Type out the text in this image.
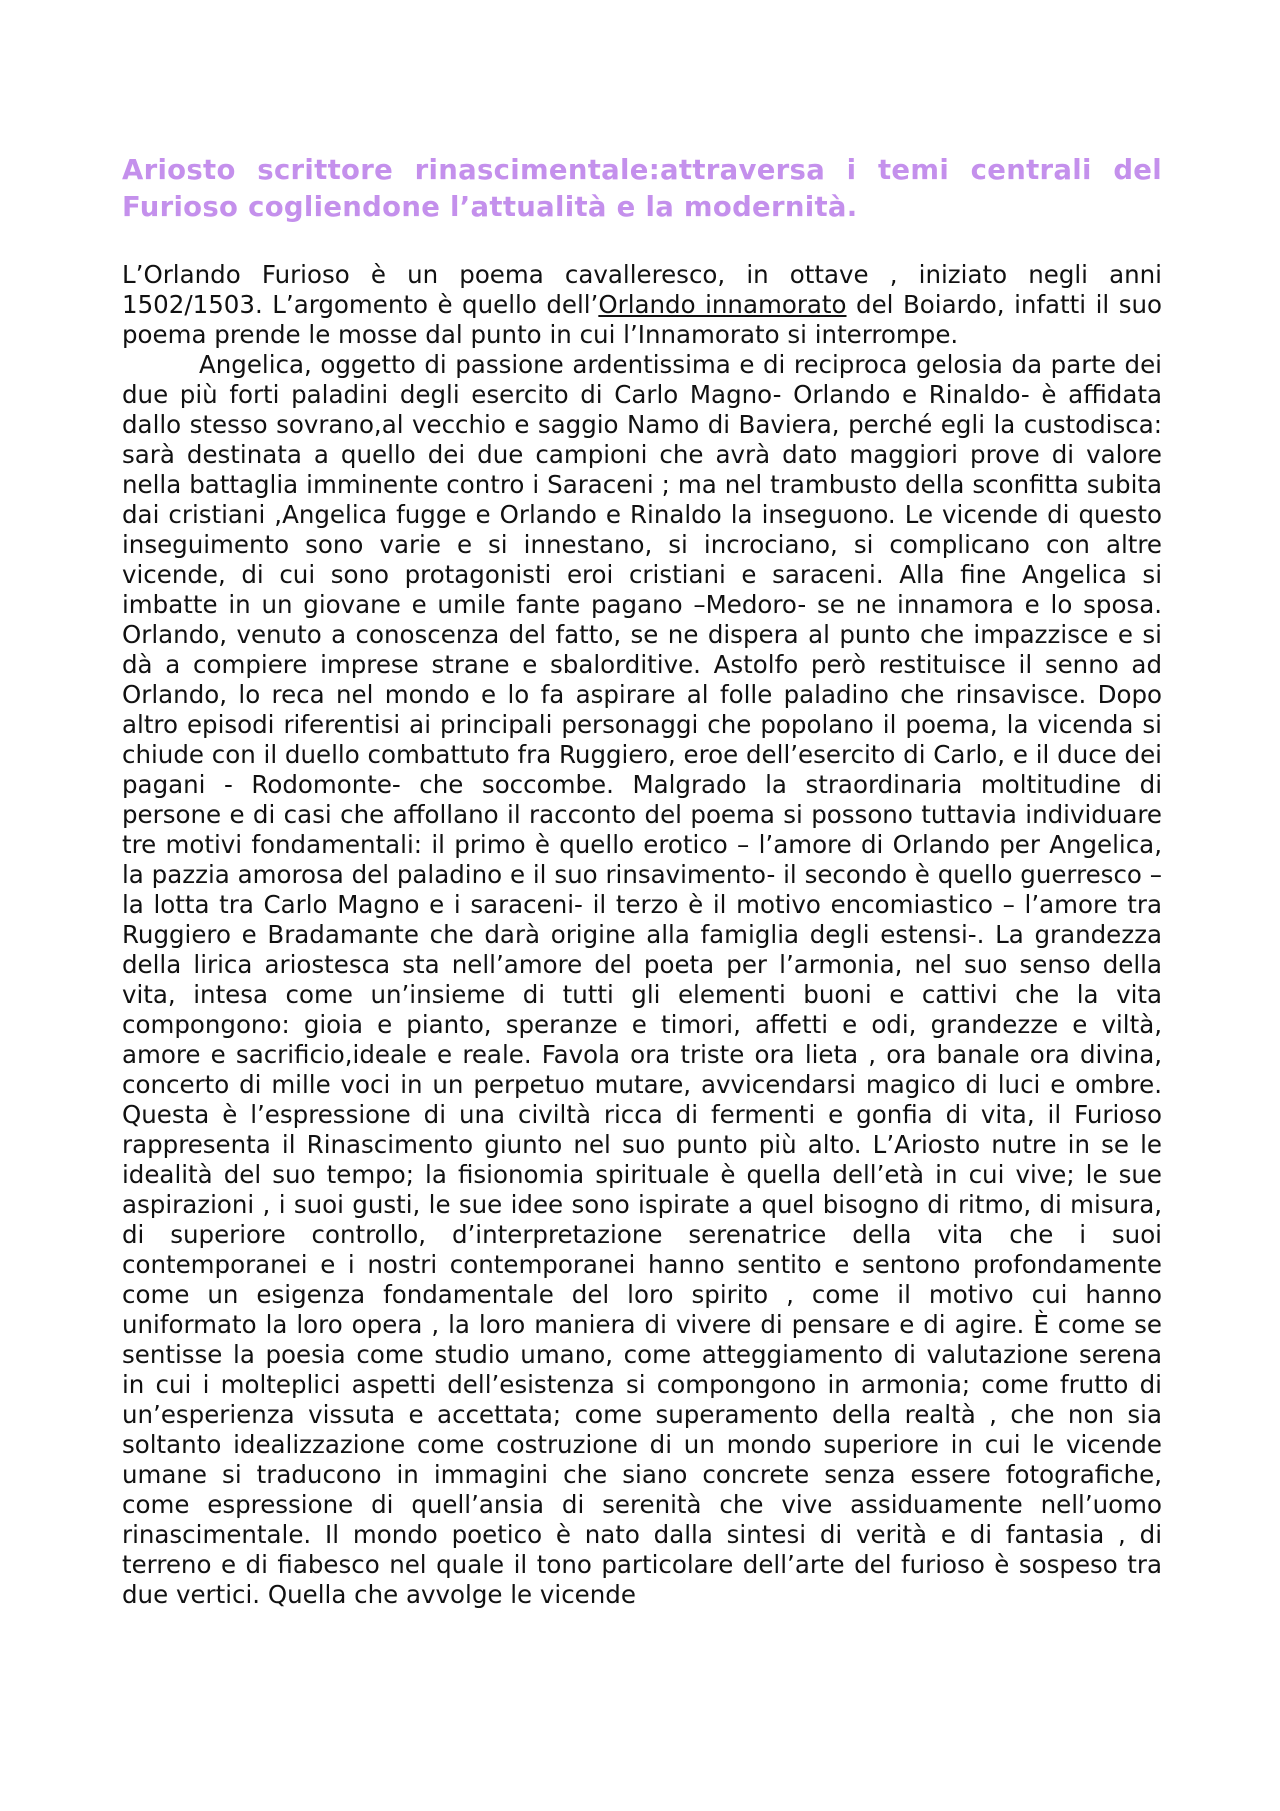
Ariosto scrittore rinascimentale:attraversa i temi centrali del Furioso cogliendone l’attualità e la modernità.
L’Orlando Furioso è un poema cavalleresco, in ottave , iniziato negli anni 1502/1503. L’argomento è quello dell’Orlando innamorato del Boiardo, infatti il suo poema prende le mosse dal punto in cui l’Innamorato si interrompe.
Angelica, oggetto di passione ardentissima e di reciproca gelosia da parte dei due più forti paladini degli esercito di Carlo Magno- Orlando e Rinaldo- è affidata dallo stesso sovrano,al vecchio e saggio Namo di Baviera, perché egli la custodisca: sarà destinata a quello dei due campioni che avrà dato maggiori prove di valore nella battaglia imminente contro i Saraceni ; ma nel trambusto della sconfitta subita dai cristiani ,Angelica fugge e Orlando e Rinaldo la inseguono. Le vicende di questo inseguimento sono varie e si innestano, si incrociano, si complicano con altre vicende, di cui sono protagonisti eroi cristiani e saraceni. Alla fine Angelica si imbatte in un giovane e umile fante pagano –Medoro- se ne innamora e lo sposa. Orlando, venuto a conoscenza del fatto, se ne dispera al punto che impazzisce e si dà a compiere imprese strane e sbalorditive. Astolfo però restituisce il senno ad Orlando, lo reca nel mondo e lo fa aspirare al folle paladino che rinsavisce. Dopo altro episodi riferentisi ai principali personaggi che popolano il poema, la vicenda si chiude con il duello combattuto fra Ruggiero, eroe dell’esercito di Carlo, e il duce dei pagani - Rodomonte- che soccombe. Malgrado la straordinaria moltitudine di persone e di casi che affollano il racconto del poema si possono tuttavia individuare tre motivi fondamentali: il primo è quello erotico – l’amore di Orlando per Angelica, la pazzia amorosa del paladino e il suo rinsavimento- il secondo è quello guerresco –la lotta tra Carlo Magno e i saraceni- il terzo è il motivo encomiastico – l’amore tra Ruggiero e Bradamante che darà origine alla famiglia degli estensi-. La grandezza della lirica ariostesca sta nell’amore del poeta per l’armonia, nel suo senso della vita, intesa come un’insieme di tutti gli elementi buoni e cattivi che la vita compongono: gioia e pianto, speranze e timori, affetti e odi, grandezze e viltà, amore e sacrificio,ideale e reale. Favola ora triste ora lieta , ora banale ora divina, concerto di mille voci in un perpetuo mutare, avvicendarsi magico di luci e ombre. Questa è l’espressione di una civiltà ricca di fermenti e gonfia di vita, il Furioso rappresenta il Rinascimento giunto nel suo punto più alto. L’Ariosto nutre in se le idealità del suo tempo; la fisionomia spirituale è quella dell’età in cui vive; le sue aspirazioni , i suoi gusti, le sue idee sono ispirate a quel bisogno di ritmo, di misura, di superiore controllo, d’interpretazione serenatrice della vita che i suoi contemporanei e i nostri contemporanei hanno sentito e sentono profondamente come un esigenza fondamentale del loro spirito , come il motivo cui hanno uniformato la loro opera , la loro maniera di vivere di pensare e di agire. È come se sentisse la poesia come studio umano, come atteggiamento di valutazione serena in cui i molteplici aspetti dell’esistenza si compongono in armonia; come frutto di un’esperienza vissuta e accettata; come superamento della realtà , che non sia soltanto idealizzazione come costruzione di un mondo superiore in cui le vicende umane si traducono in immagini che siano concrete senza essere fotografiche, come espressione di quell’ansia di serenità che vive assiduamente nell’uomo rinascimentale. Il mondo poetico è nato dalla sintesi di verità e di fantasia , di terreno e di fiabesco nel quale il tono particolare dell’arte del furioso è sospeso tra due vertici. Quella che avvolge le vicende
